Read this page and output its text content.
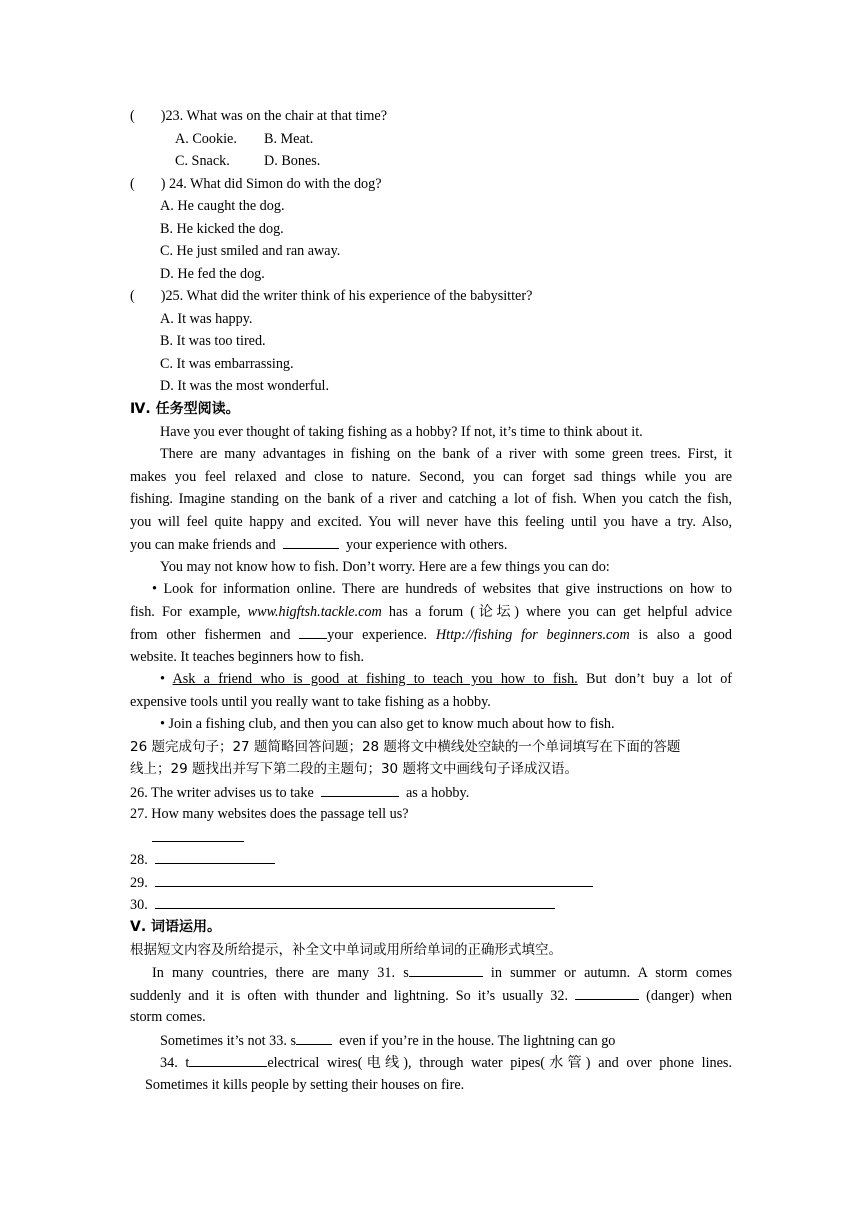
( )23. What was on the chair at that time?
A. Cookie. B. Meat.
C. Snack. D. Bones.
( ) 24. What did Simon do with the dog?
A. He caught the dog.
B. He kicked the dog.
C. He just smiled and ran away.
D. He fed the dog.
( )25. What did the writer think of his experience of the babysitter?
A. It was happy.
B. It was too tired.
C. It was embarrassing.
D. It was the most wonderful.
Ⅳ. 任务型阅读。
Have you ever thought of taking fishing as a hobby? If not, it’s time to think about it.
There are many advantages in fishing on the bank of a river with some green trees. First, it
makes you feel relaxed and close to nature. Second, you can forget sad things while you are
fishing. Imagine standing on the bank of a river and catching a lot of fish. When you catch the fish,
you will feel quite happy and excited. You will never have this feeling until you have a try. Also,
you can make friends and	your experience with others.
You may not know how to fish. Don’t worry. Here are a few things you can do:
• Look for information online. There are hundreds of websites that give instructions on how to
fish. For example, www.higftsh.tackle.com has a forum (论坛) where you can get helpful advice
from other fishermen and	your experience. Http://fishing for beginners.com is also a good
website. It teaches beginners how to fish.
• Ask a friend who is good at fishing to teach you how to fish. But don’t buy a lot of
expensive tools until you really want to take fishing as a hobby.
• Join a fishing club, and then you can also get to know much about how to fish.
26 题完成句子；27 题简略回答问题；28 题将文中横线处空缺的一个单词填写在下面的答题
线上；29 题找出并写下第二段的主题句；30 题将文中画线句子译成汉语。
26. The writer advises us to take	as a hobby.
27. How many websites does the passage tell us?
28.
29.
30.
Ⅴ. 词语运用。
根据短文内容及所给提示，补全文中单词或用所给单词的正确形式填空。
In many countries, there are many 31. s	in summer or autumn. A storm comes
suddenly and it is often with thunder and lightning. So it’s usually 32.	(danger) when
storm comes.
Sometimes it’s not 33. s	even if you’re in the house. The lightning can go
34. t	electrical wires(电线), through water pipes(水管) and over phone lines.
Sometimes it kills people by setting their houses on fire.
